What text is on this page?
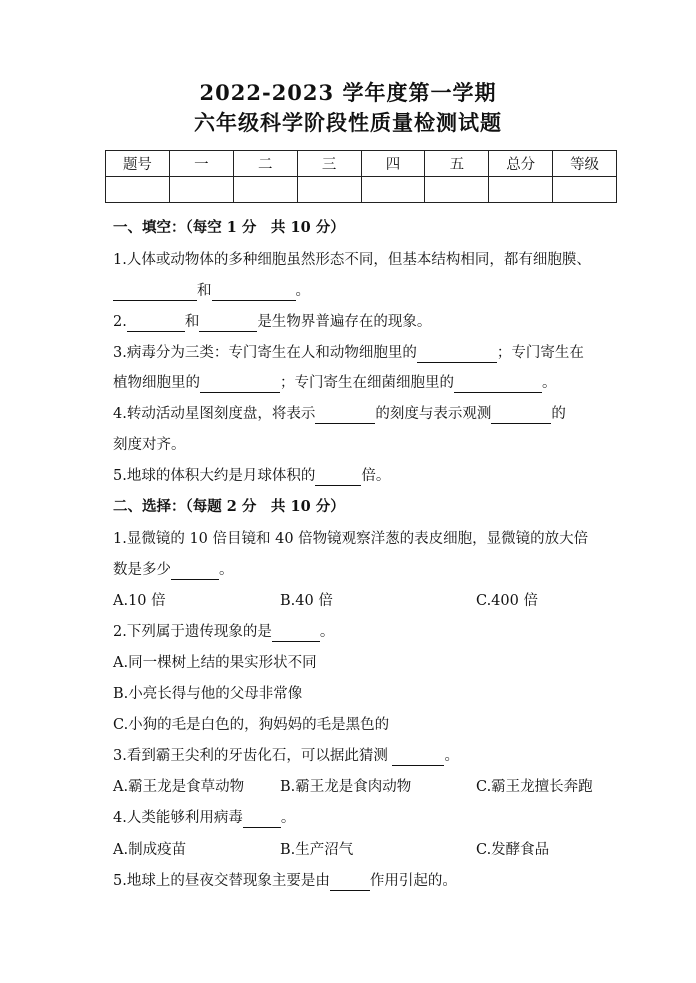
2022-2023 学年度第一学期
六年级科学阶段性质量检测试题
题号	一	二	三	四	五	总分	等级

一、填空：（每空 1 分　共 10 分）
1.人体或动物体的多种细胞虽然形态不同，但基本结构相同，都有细胞膜、
和	。
2.	和	是生物界普遍存在的现象。
3.病毒分为三类：专门寄生在人和动物细胞里的	；专门寄生在
植物细胞里的	；专门寄生在细菌细胞里的	。
4.转动活动星图刻度盘，将表示	的刻度与表示观测	的
刻度对齐。
5.地球的体积大约是月球体积的	倍。
二、选择：（每题 2 分　共 10 分）
1.显微镜的 10 倍目镜和 40 倍物镜观察洋葱的表皮细胞，显微镜的放大倍
数是多少	。
A.10 倍	B.40 倍	C.400 倍
2.下列属于遗传现象的是	。
A.同一棵树上结的果实形状不同
B.小亮长得与他的父母非常像
C.小狗的毛是白色的，狗妈妈的毛是黑色的
3.看到霸王尖利的牙齿化石，可以据此猜测	。
A.霸王龙是食草动物 B.霸王龙是食肉动物	C.霸王龙擅长奔跑
4.人类能够利用病毒	。
A.制成疫苗	B.生产沼气	C.发酵食品
5.地球上的昼夜交替现象主要是由	作用引起的。
